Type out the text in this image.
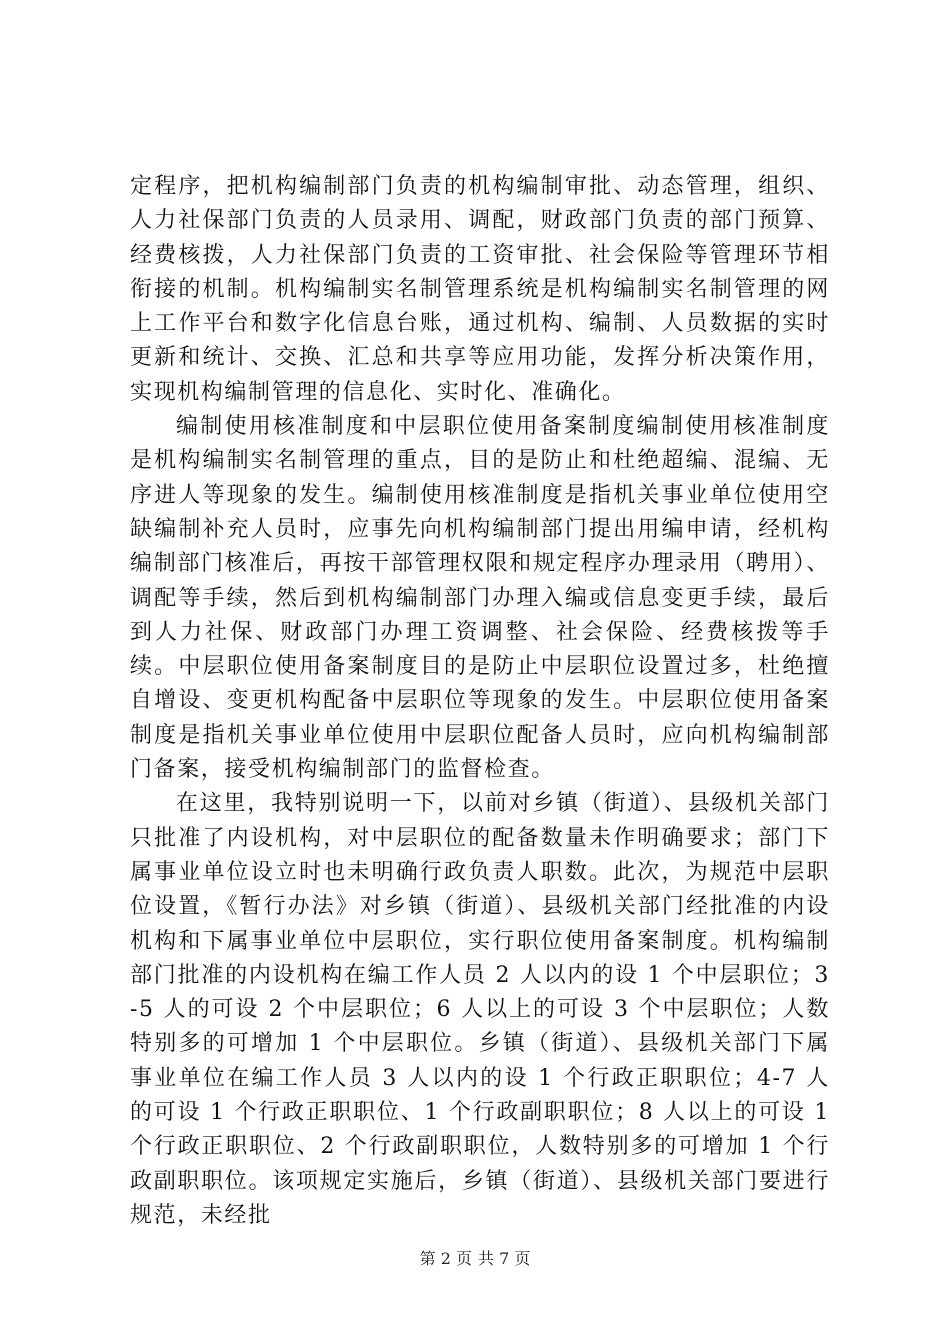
定程序，把机构编制部门负责的机构编制审批、动态管理，组织、人力社保部门负责的人员录用、调配，财政部门负责的部门预算、经费核拨，人力社保部门负责的工资审批、社会保险等管理环节相衔接的机制。机构编制实名制管理系统是机构编制实名制管理的网上工作平台和数字化信息台账，通过机构、编制、人员数据的实时更新和统计、交换、汇总和共享等应用功能，发挥分析决策作用，实现机构编制管理的信息化、实时化、准确化。

编制使用核准制度和中层职位使用备案制度编制使用核准制度是机构编制实名制管理的重点，目的是防止和杜绝超编、混编、无序进人等现象的发生。编制使用核准制度是指机关事业单位使用空缺编制补充人员时，应事先向机构编制部门提出用编申请，经机构编制部门核准后，再按干部管理权限和规定程序办理录用（聘用）、调配等手续，然后到机构编制部门办理入编或信息变更手续，最后到人力社保、财政部门办理工资调整、社会保险、经费核拨等手续。中层职位使用备案制度目的是防止中层职位设置过多，杜绝擅自增设、变更机构配备中层职位等现象的发生。中层职位使用备案制度是指机关事业单位使用中层职位配备人员时，应向机构编制部门备案，接受机构编制部门的监督检查。

在这里，我特别说明一下，以前对乡镇（街道）、县级机关部门只批准了内设机构，对中层职位的配备数量未作明确要求；部门下属事业单位设立时也未明确行政负责人职数。此次，为规范中层职位设置，《暂行办法》对乡镇（街道）、县级机关部门经批准的内设机构和下属事业单位中层职位，实行职位使用备案制度。机构编制部门批准的内设机构在编工作人员 2 人以内的设 1 个中层职位；3-5 人的可设 2 个中层职位；6 人以上的可设 3 个中层职位；人数特别多的可增加 1 个中层职位。乡镇（街道）、县级机关部门下属事业单位在编工作人员 3 人以内的设 1 个行政正职职位；4-7 人的可设 1 个行政正职职位、1 个行政副职职位；8 人以上的可设 1 个行政正职职位、2 个行政副职职位，人数特别多的可增加 1 个行政副职职位。该项规定实施后，乡镇（街道）、县级机关部门要进行规范，未经批

第 2 页 共 7 页
